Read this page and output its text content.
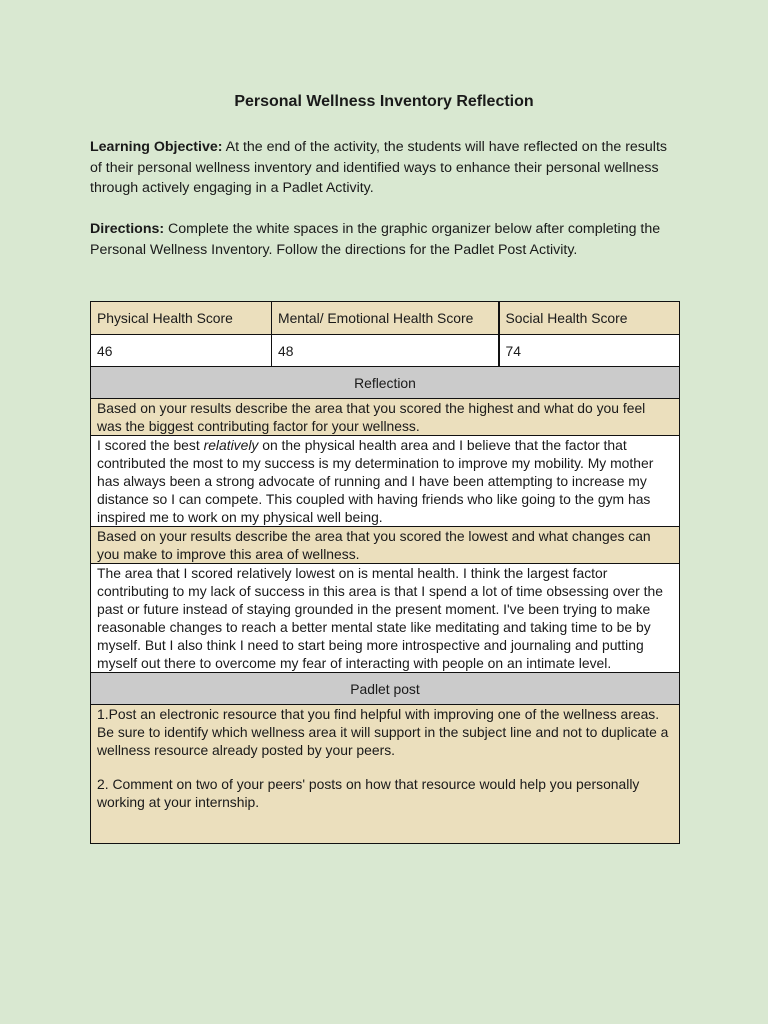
Personal Wellness Inventory Reflection
Learning Objective: At the end of the activity, the students will have reflected on the results of their personal wellness inventory and identified ways to enhance their personal wellness through actively engaging in a Padlet Activity.
Directions: Complete the white spaces in the graphic organizer below after completing the Personal Wellness Inventory. Follow the directions for the Padlet Post Activity.
Physical Health Score	Mental/ Emotional Health Score	Social Health Score
46	48	74
Reflection		
Based on your results describe the area that you scored the highest and what do you feel was the biggest contributing factor for your wellness.		
I scored the best relatively on the physical health area and I believe that the factor that contributed the most to my success is my determination to improve my mobility. My mother has always been a strong advocate of running and I have been attempting to increase my distance so I can compete. This coupled with having friends who like going to the gym has inspired me to work on my physical well being.		
Based on your results describe the area that you scored the lowest and what changes can you make to improve this area of wellness.		
The area that I scored relatively lowest on is mental health. I think the largest factor contributing to my lack of success in this area is that I spend a lot of time obsessing over the past or future instead of staying grounded in the present moment. I've been trying to make reasonable changes to reach a better mental state like meditating and taking time to be by myself. But I also think I need to start being more introspective and journaling and putting myself out there to overcome my fear of interacting with people on an intimate level.		
Padlet post		

1.Post an electronic resource that you find helpful with improving one of the wellness areas. Be sure to identify which wellness area it will support in the subject line and not to duplicate a wellness resource already posted by your peers.
2. Comment on two of your peers' posts on how that resource would help you personally working at your internship.		
